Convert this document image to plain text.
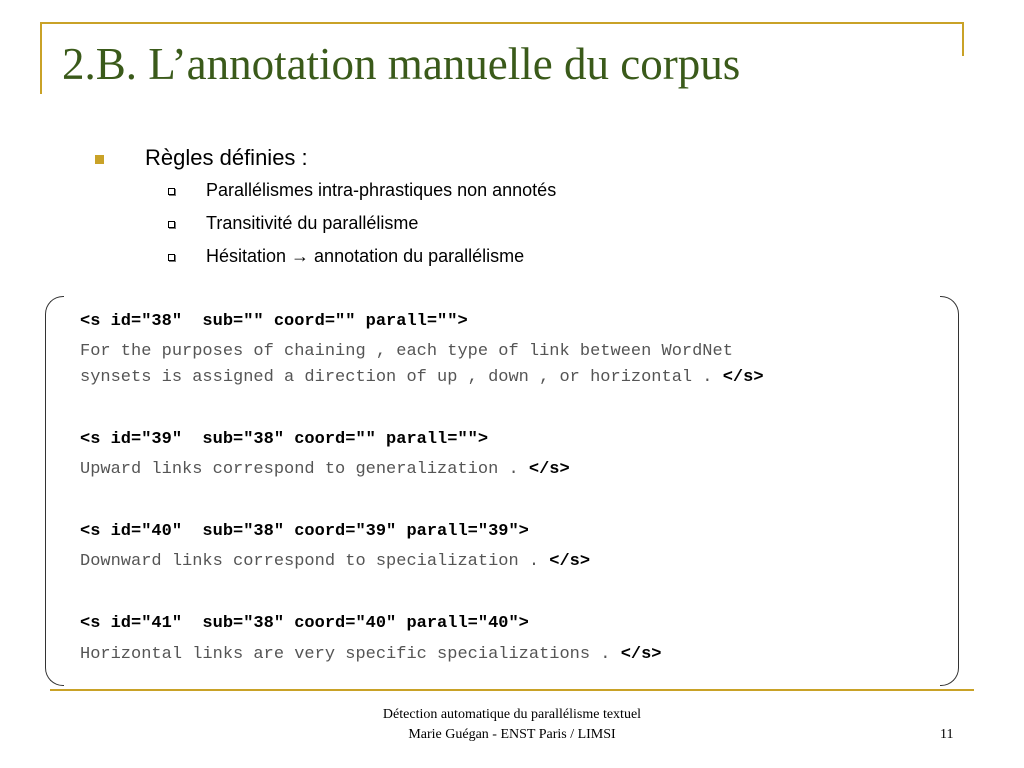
2.B. L’annotation manuelle du corpus
Règles définies :
Parallélismes intra-phrastiques non annotés
Transitivité du parallélisme
Hésitation → annotation du parallélisme
<s id="38"  sub="" coord="" parall="">
For the purposes of chaining , each type of link between WordNet
synsets is assigned a direction of up , down , or horizontal . </s>
<s id="39"  sub="38" coord="" parall="">
Upward links correspond to generalization . </s>
<s id="40"  sub="38" coord="39" parall="39">
Downward links correspond to specialization . </s>
<s id="41"  sub="38" coord="40" parall="40">
Horizontal links are very specific specializations . </s>
Détection automatique du parallélisme textuel
Marie Guégan - ENST Paris / LIMSI	11
